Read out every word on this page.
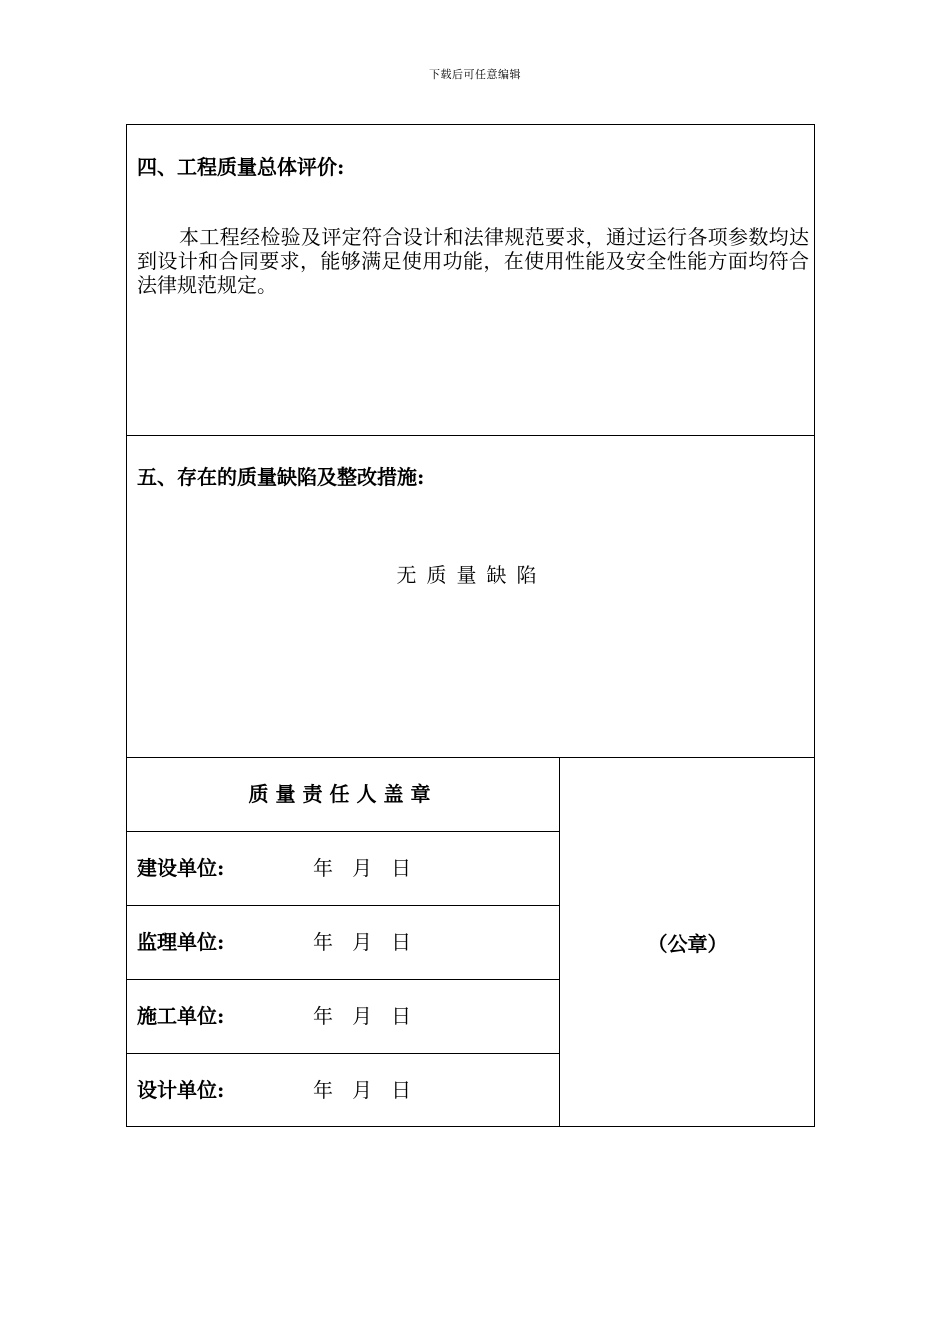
下载后可任意编辑
四、工程质量总体评价:
本工程经检验及评定符合设计和法律规范要求，通过运行各项参数均达到设计和合同要求，能够满足使用功能，在使用性能及安全性能方面均符合法律规范规定。
五、存在的质量缺陷及整改措施:
无质量缺陷
质量责任人盖章
建设单位:	年   月   日
监理单位:	年   月   日
施工单位:	年   月   日
设计单位:	年   月   日
（公章）
